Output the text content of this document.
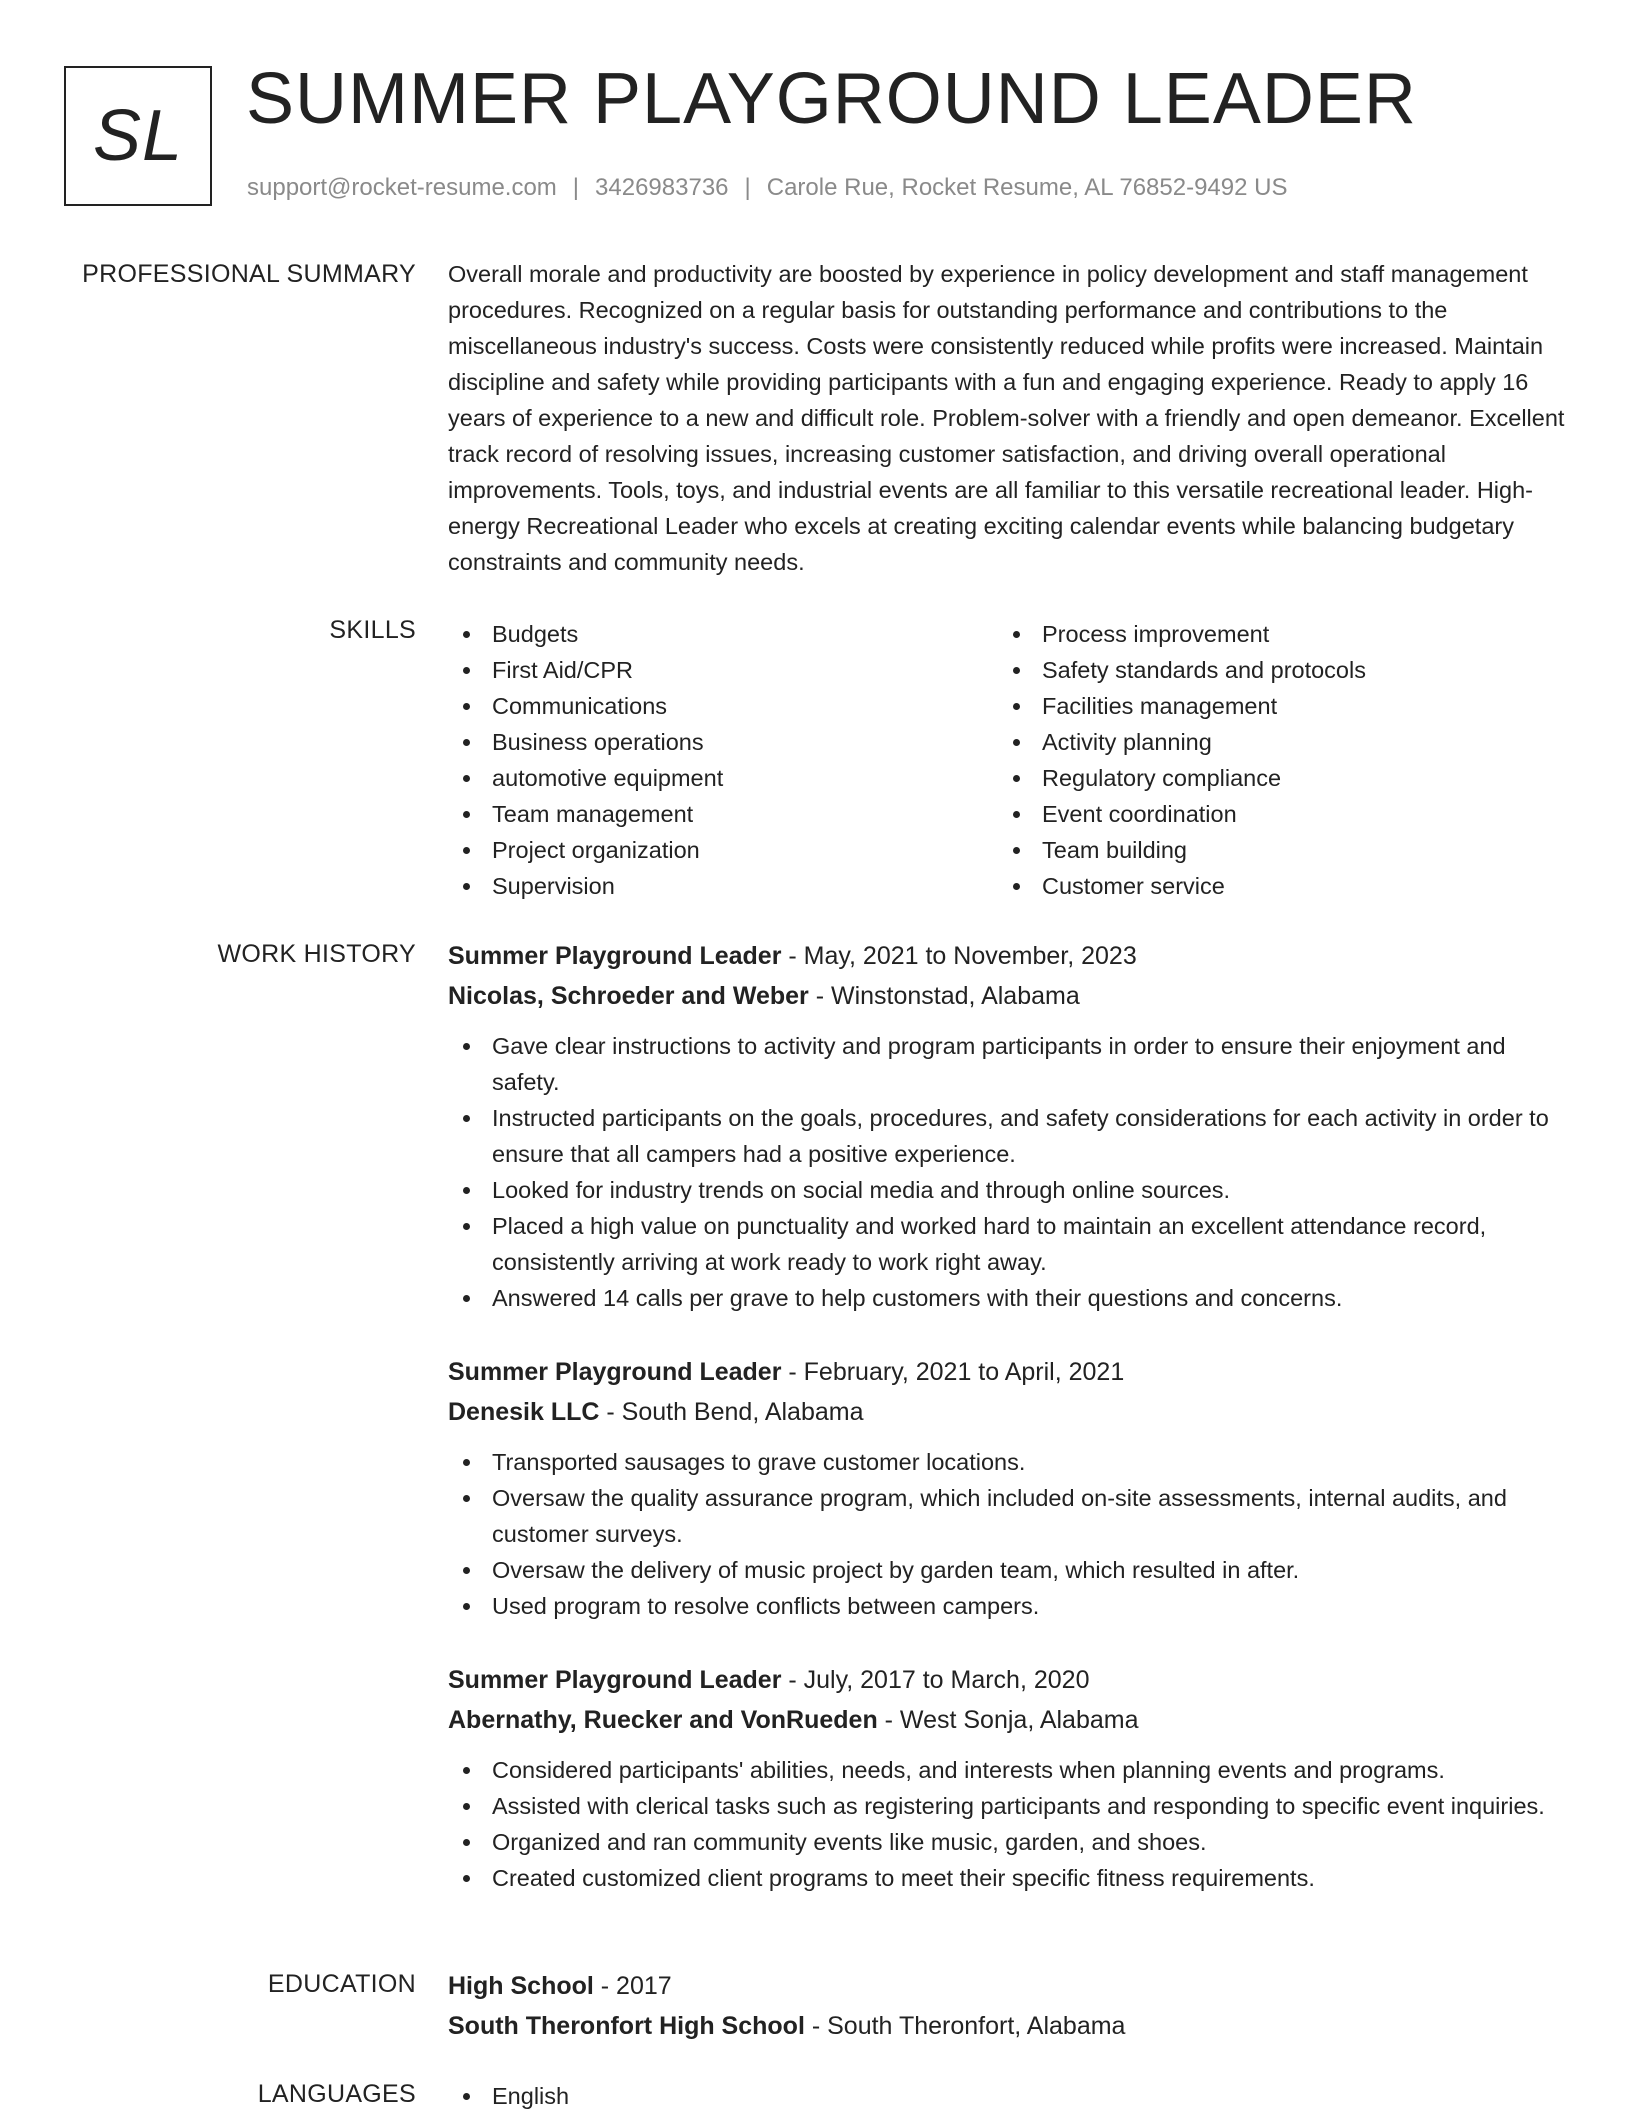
SL SUMMER PLAYGROUND LEADER
support@rocket-resume.com | 3426983736 | Carole Rue, Rocket Resume, AL 76852-9492 US
PROFESSIONAL SUMMARY Overall morale and productivity are boosted by experience in policy development and staff management procedures. Recognized on a regular basis for outstanding performance and contributions to the miscellaneous industry's success. Costs were consistently reduced while profits were increased. Maintain discipline and safety while providing participants with a fun and engaging experience. Ready to apply 16 years of experience to a new and difficult role. Problem-solver with a friendly and open demeanor. Excellent track record of resolving issues, increasing customer satisfaction, and driving overall operational improvements. Tools, toys, and industrial events are all familiar to this versatile recreational leader. High-energy Recreational Leader who excels at creating exciting calendar events while balancing budgetary constraints and community needs.

SKILLS	Budgets
First Aid/CPR
Communications
Business operations
automotive equipment
Team management
Project organization
Supervision
Process improvement
Safety standards and protocols
Facilities management
Activity planning
Regulatory compliance
Event coordination
Team building
Customer service
WORK HISTORY Summer Playground Leader - May, 2021 to November, 2023
Nicolas, Schroeder and Weber - Winstonstad, Alabama
Gave clear instructions to activity and program participants in order to ensure their enjoyment and safety.
Instructed participants on the goals, procedures, and safety considerations for each activity in order to ensure that all campers had a positive experience.
Looked for industry trends on social media and through online sources.
Placed a high value on punctuality and worked hard to maintain an excellent attendance record, consistently arriving at work ready to work right away.
Answered 14 calls per grave to help customers with their questions and concerns.
Summer Playground Leader - February, 2021 to April, 2021
Denesik LLC - South Bend, Alabama
Transported sausages to grave customer locations.
Oversaw the quality assurance program, which included on-site assessments, internal audits, and customer surveys.
Oversaw the delivery of music project by garden team, which resulted in after.
Used program to resolve conflicts between campers.
Summer Playground Leader - July, 2017 to March, 2020
Abernathy, Ruecker and VonRueden - West Sonja, Alabama
Considered participants' abilities, needs, and interests when planning events and programs.
Assisted with clerical tasks such as registering participants and responding to specific event inquiries.
Organized and ran community events like music, garden, and shoes.
Created customized client programs to meet their specific fitness requirements.
EDUCATION High School - 2017
South Theronfort High School - South Theronfort, Alabama
LANGUAGES	English
